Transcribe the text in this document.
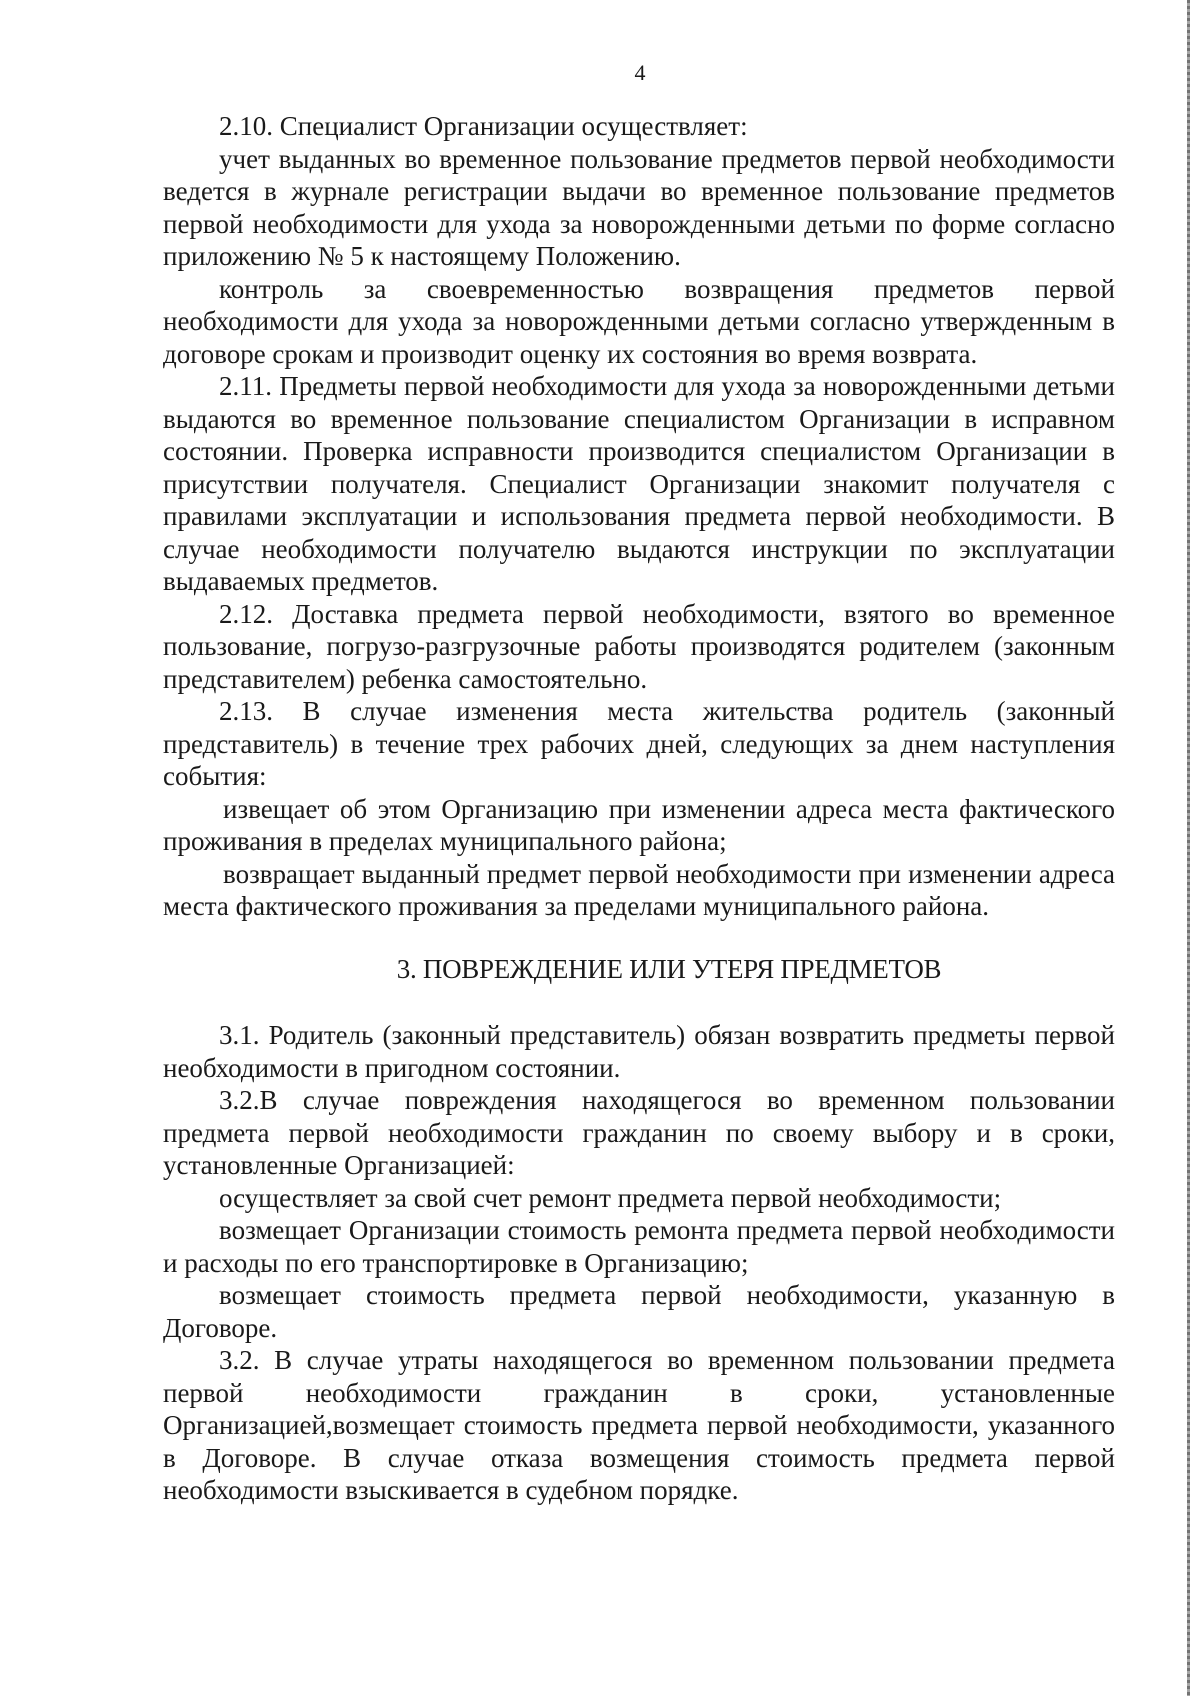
4

2.10. Специалист Организации осуществляет:

учет выданных во временное пользование предметов первой необходимости ведется в журнале регистрации выдачи во временное пользование предметов первой необходимости для ухода за новорожденными детьми по форме согласно приложению № 5 к настоящему Положению.

контроль за своевременностью возвращения предметов первой необходимости для ухода за новорожденными детьми согласно утвержденным в договоре срокам и производит оценку их состояния во время возврата.

2.11. Предметы первой необходимости для ухода за новорожденными детьми выдаются во временное пользование специалистом Организации в исправном состоянии. Проверка исправности производится специалистом Организации в присутствии получателя. Специалист Организации знакомит получателя с правилами эксплуатации и использования предмета первой необходимости. В случае необходимости получателю выдаются инструкции по эксплуатации выдаваемых предметов.

2.12. Доставка предмета первой необходимости, взятого во временное пользование, погрузо-разгрузочные работы производятся родителем (законным представителем) ребенка самостоятельно.

2.13. В случае изменения места жительства родитель (законный представитель) в течение трех рабочих дней, следующих за днем наступления события:

извещает об этом Организацию при изменении адреса места фактического проживания в пределах муниципального района;

возвращает выданный предмет первой необходимости при изменении адреса места фактического проживания за пределами муниципального района.

3. ПОВРЕЖДЕНИЕ ИЛИ УТЕРЯ ПРЕДМЕТОВ

3.1. Родитель (законный представитель) обязан возвратить предметы первой необходимости в пригодном состоянии.

3.2.В случае повреждения находящегося во временном пользовании предмета первой необходимости гражданин по своему выбору и в сроки, установленные Организацией:

осуществляет за свой счет ремонт предмета первой необходимости;

возмещает Организации стоимость ремонта предмета первой необходимости и расходы по его транспортировке в Организацию;

возмещает стоимость предмета первой необходимости, указанную в Договоре.

3.2. В случае утраты находящегося во временном пользовании предмета первой необходимости гражданин в сроки, установленные Организацией,возмещает стоимость предмета первой необходимости, указанного в Договоре. В случае отказа возмещения стоимость предмета первой необходимости взыскивается в судебном порядке.
